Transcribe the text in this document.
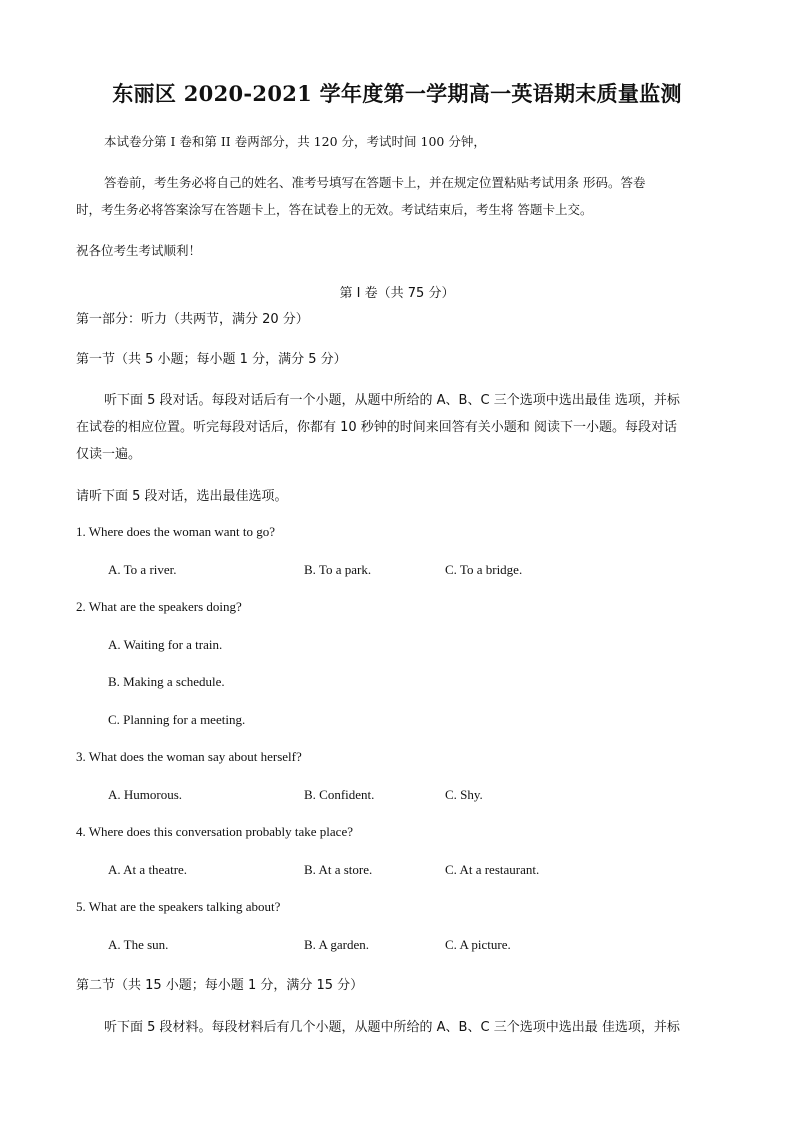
东丽区 2020-2021 学年度第一学期高一英语期末质量监测
本试卷分第 I 卷和第 II 卷两部分，共 120 分，考试时间 100 分钟，
答卷前，考生务必将自己的姓名、准考号填写在答题卡上，并在规定位置粘贴考试用条 形码。答卷
时，考生务必将答案涂写在答题卡上，答在试卷上的无效。考试结束后，考生将 答题卡上交。
祝各位考生考试顺利！
第 I 卷（共 75 分）
第一部分：听力（共两节，满分 20 分）
第一节（共 5 小题；每小题 1 分，满分 5 分）
听下面 5 段对话。每段对话后有一个小题，从题中所给的 A、B、C 三个选项中选出最佳 选项，并标
在试卷的相应位置。听完每段对话后，你都有 10 秒钟的时间来回答有关小题和 阅读下一小题。每段对话
仅读一遍。
请听下面 5 段对话，选出最佳选项。
1. Where does the woman want to go?
A. To a river.	B. To a park.	C. To a bridge.
2. What are the speakers doing?
A. Waiting for a train.
B. Making a schedule.
C. Planning for a meeting.
3. What does the woman say about herself?
A. Humorous.	B. Confident.	C. Shy.
4. Where does this conversation probably take place?
A. At a theatre.	B. At a store.	C. At a restaurant.
5. What are the speakers talking about?
A. The sun.	B. A garden.	C. A picture.
第二节（共 15 小题；每小题 1 分，满分 15 分）
听下面 5 段材料。每段材料后有几个小题，从题中所给的 A、B、C 三个选项中选出最 佳选项，并标
